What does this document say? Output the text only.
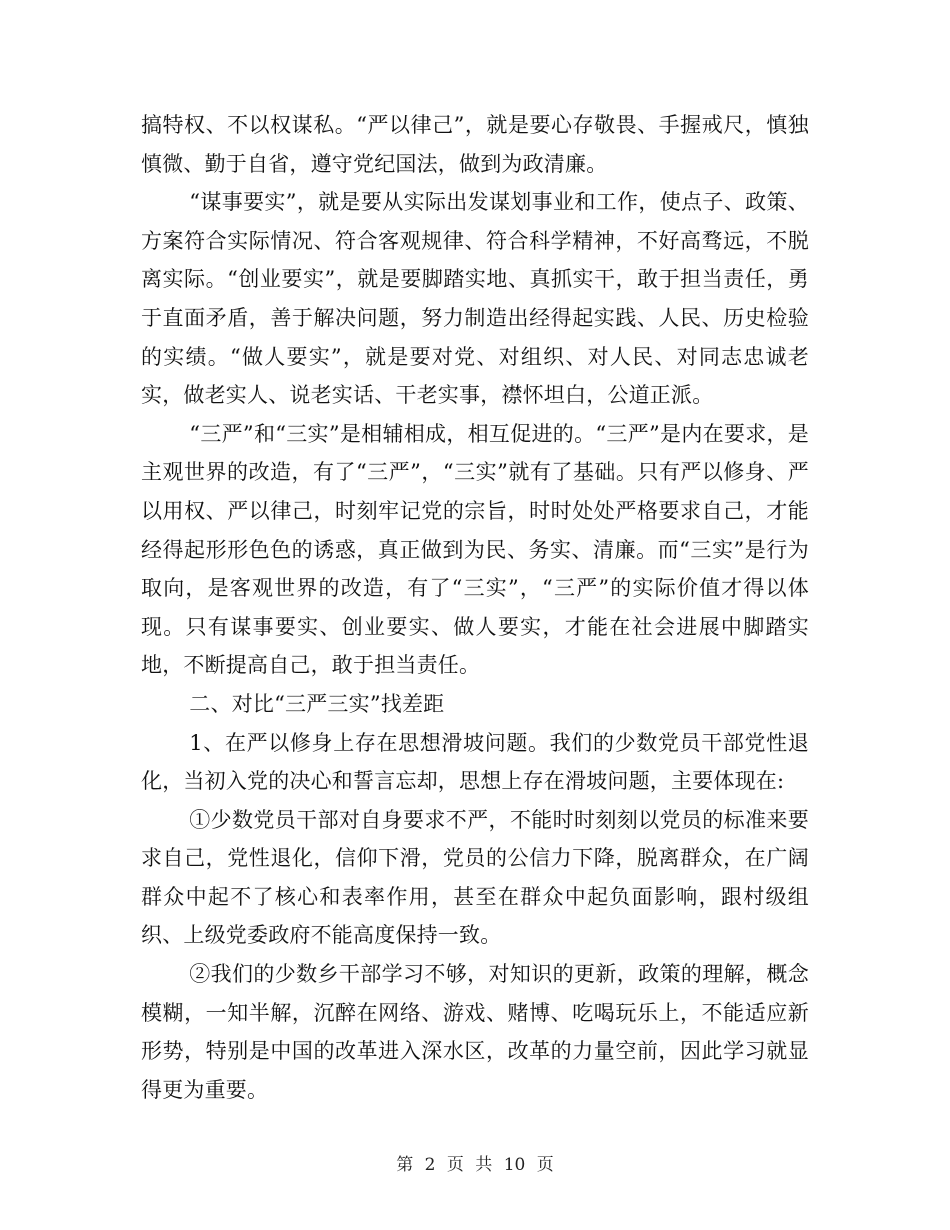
搞特权、不以权谋私。“严以律己”，就是要心存敬畏、手握戒尺，慎独慎微、勤于自省，遵守党纪国法，做到为政清廉。

“谋事要实”，就是要从实际出发谋划事业和工作，使点子、政策、方案符合实际情况、符合客观规律、符合科学精神，不好高骛远，不脱离实际。“创业要实”，就是要脚踏实地、真抓实干，敢于担当责任，勇于直面矛盾，善于解决问题，努力制造出经得起实践、人民、历史检验的实绩。“做人要实”，就是要对党、对组织、对人民、对同志忠诚老实，做老实人、说老实话、干老实事，襟怀坦白，公道正派。

“三严”和“三实”是相辅相成，相互促进的。“三严”是内在要求，是主观世界的改造，有了“三严”，“三实”就有了基础。只有严以修身、严以用权、严以律己，时刻牢记党的宗旨，时时处处严格要求自己，才能经得起形形色色的诱惑，真正做到为民、务实、清廉。而“三实”是行为取向，是客观世界的改造，有了“三实”，“三严”的实际价值才得以体现。只有谋事要实、创业要实、做人要实，才能在社会进展中脚踏实地，不断提高自己，敢于担当责任。

二、对比“三严三实”找差距

1、在严以修身上存在思想滑坡问题。我们的少数党员干部党性退化，当初入党的决心和誓言忘却，思想上存在滑坡问题，主要体现在:

①少数党员干部对自身要求不严，不能时时刻刻以党员的标准来要求自己，党性退化，信仰下滑，党员的公信力下降，脱离群众，在广阔群众中起不了核心和表率作用，甚至在群众中起负面影响，跟村级组织、上级党委政府不能高度保持一致。

②我们的少数乡干部学习不够，对知识的更新，政策的理解，概念模糊，一知半解，沉醉在网络、游戏、赌博、吃喝玩乐上，不能适应新形势，特别是中国的改革进入深水区，改革的力量空前，因此学习就显得更为重要。

第 2 页 共 10 页
